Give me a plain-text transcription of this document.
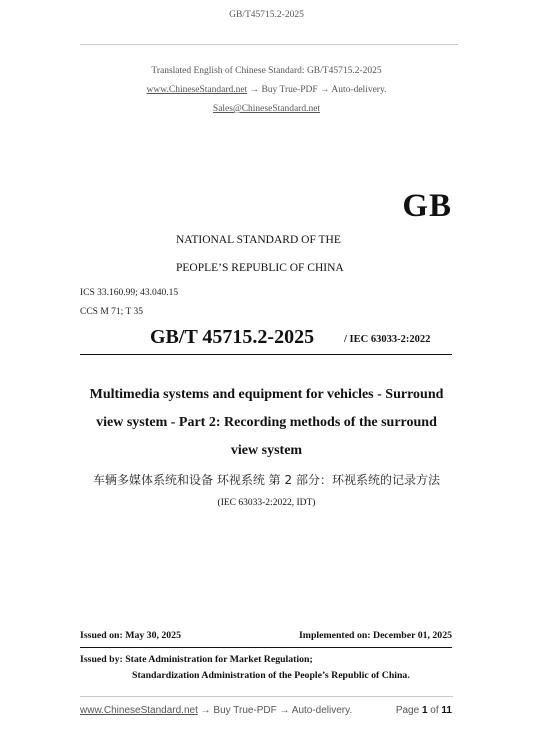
GB/T45715.2-2025
Translated English of Chinese Standard: GB/T45715.2-2025
www.ChineseStandard.net → Buy True-PDF → Auto-delivery.
Sales@ChineseStandard.net
GB
NATIONAL STANDARD OF THE
PEOPLE’S REPUBLIC OF CHINA
ICS 33.160.99; 43.040.15
CCS M 71; T 35
GB/T 45715.2-2025	/ IEC 63033-2:2022
Multimedia systems and equipment for vehicles - Surround
view system - Part 2: Recording methods of the surround
view system
车辆多媒体系统和设备 环视系统 第 2 部分：环视系统的记录方法
(IEC 63033-2:2022, IDT)
Issued on: May 30, 2025	Implemented on: December 01, 2025
Issued by: State Administration for Market Regulation;
Standardization Administration of the People’s Republic of China.
www.ChineseStandard.net → Buy True-PDF → Auto-delivery.	Page 1 of 11
